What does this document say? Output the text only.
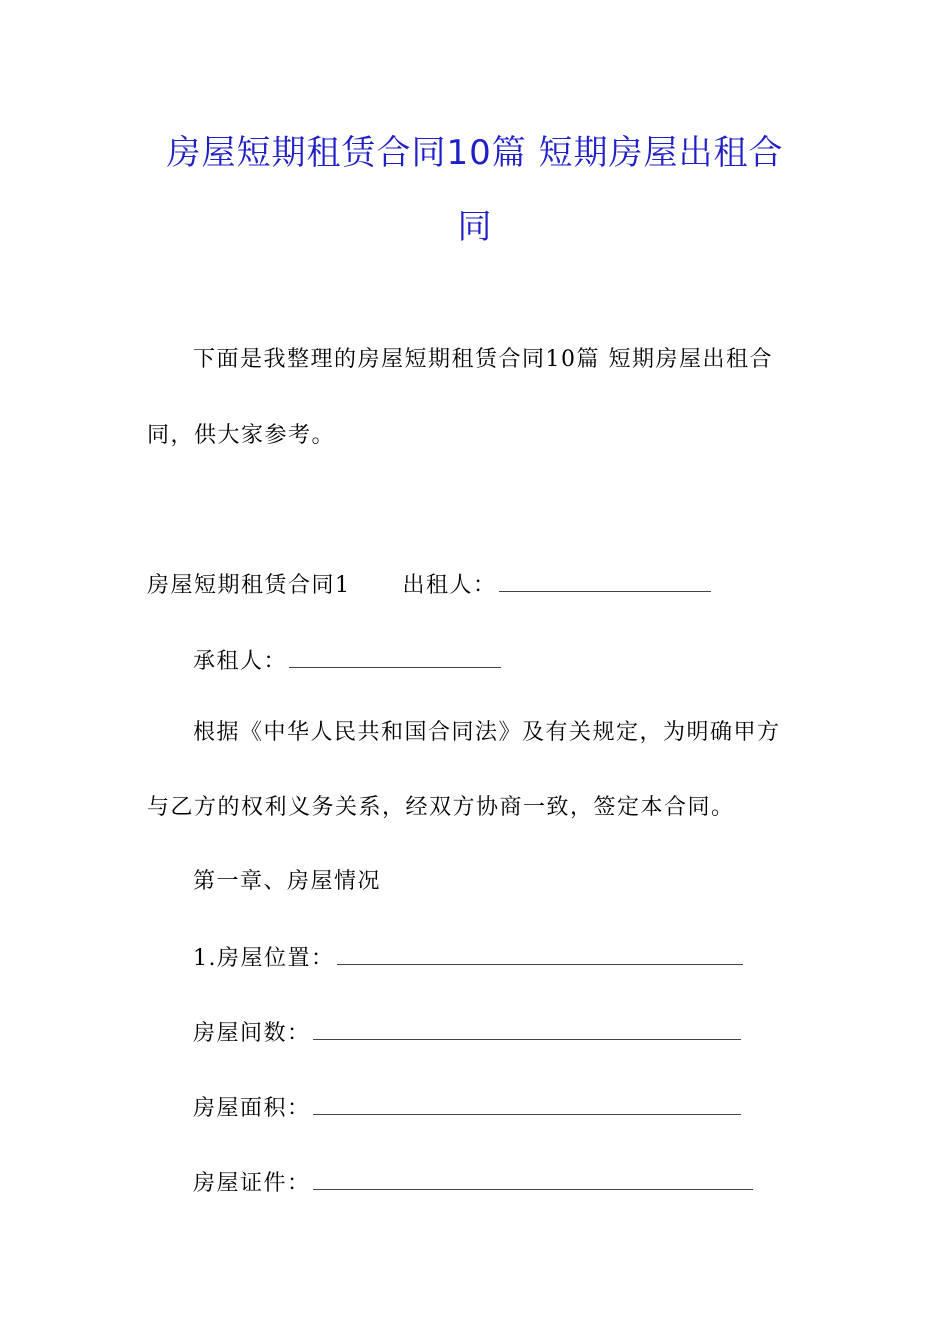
房屋短期租赁合同10篇 短期房屋出租合
同
下面是我整理的房屋短期租赁合同10篇 短期房屋出租合
同，供大家参考。
房屋短期租赁合同1 出租人：
承租人：
根据《中华人民共和国合同法》及有关规定，为明确甲方
与乙方的权利义务关系，经双方协商一致，签定本合同。
第一章、房屋情况
1.房屋位置：
房屋间数：
房屋面积：
房屋证件：
